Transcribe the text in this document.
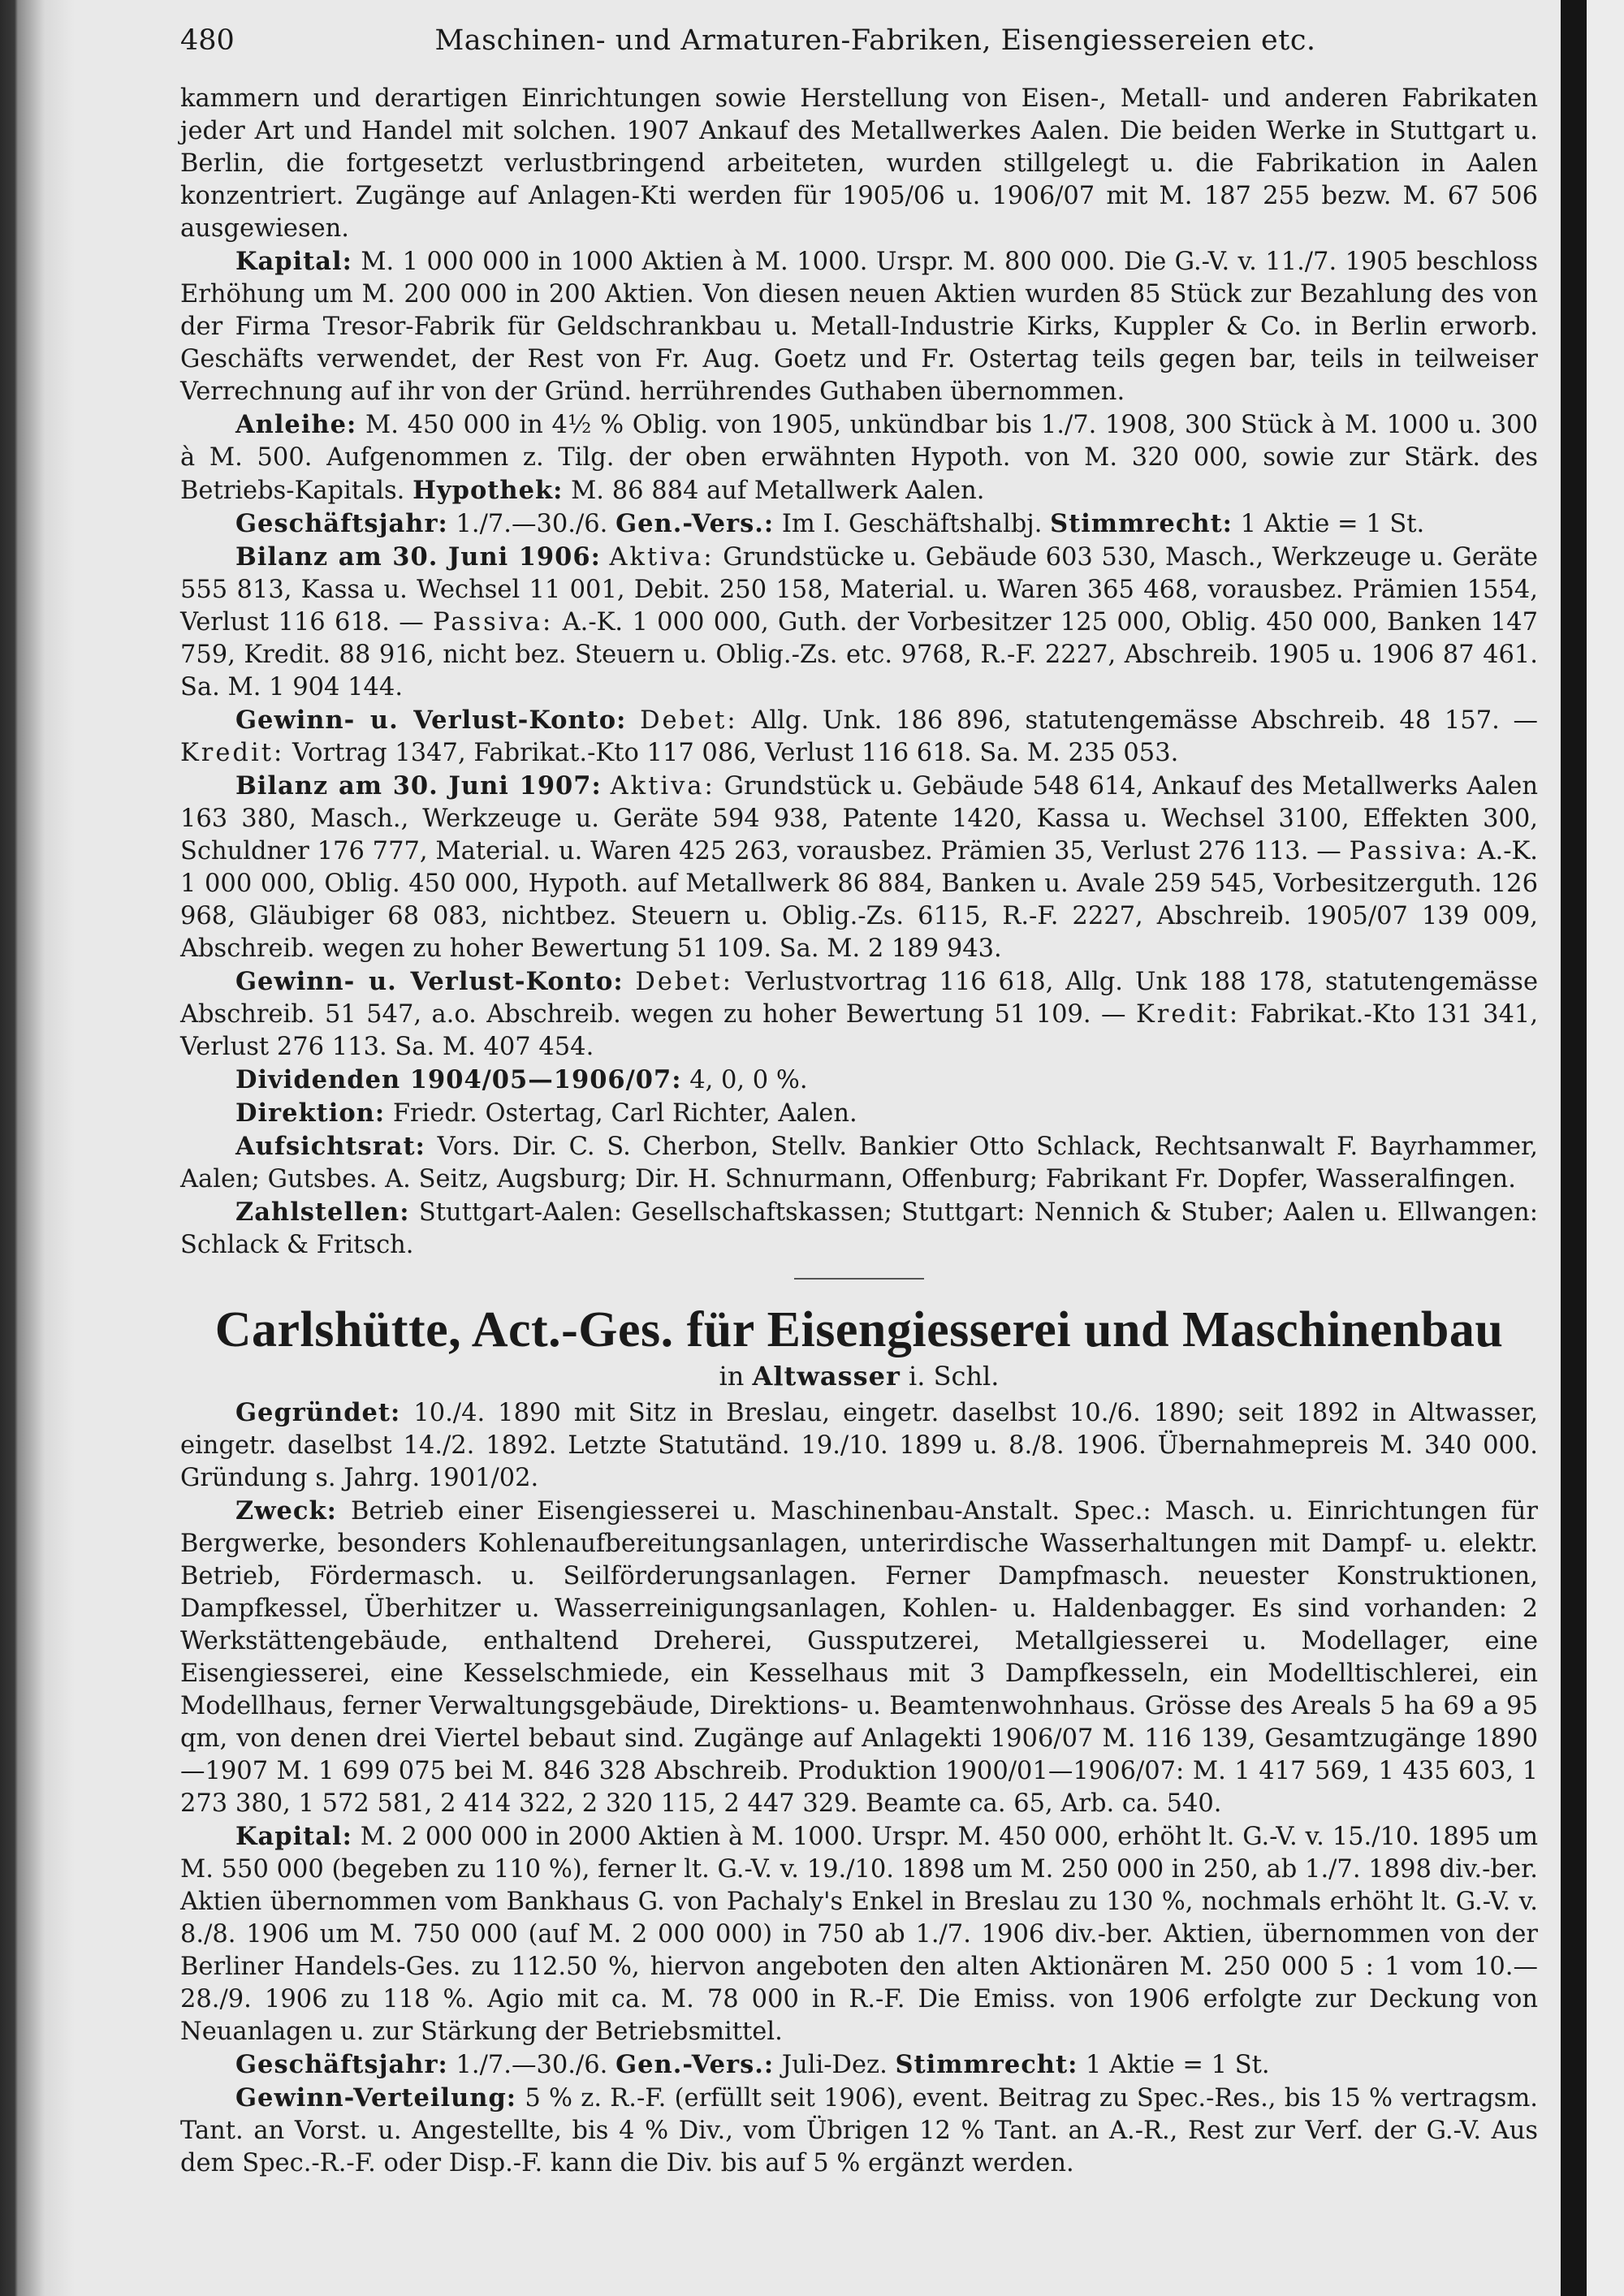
480	Maschinen- und Armaturen-Fabriken, Eisengiessereien etc.

kammern und derartigen Einrichtungen sowie Herstellung von Eisen-, Metall- und anderen Fabrikaten jeder Art und Handel mit solchen. 1907 Ankauf des Metallwerkes Aalen. Die beiden Werke in Stuttgart u. Berlin, die fortgesetzt verlustbringend arbeiteten, wurden stillgelegt u. die Fabrikation in Aalen konzentriert. Zugänge auf Anlagen-Kti werden für 1905/06 u. 1906/07 mit M. 187 255 bezw. M. 67 506 ausgewiesen.

Kapital: M. 1 000 000 in 1000 Aktien à M. 1000. Urspr. M. 800 000. Die G.-V. v. 11./7. 1905 beschloss Erhöhung um M. 200 000 in 200 Aktien. Von diesen neuen Aktien wurden 85 Stück zur Bezahlung des von der Firma Tresor-Fabrik für Geldschrankbau u. Metall-Industrie Kirks, Kuppler & Co. in Berlin erworb. Geschäfts verwendet, der Rest von Fr. Aug. Goetz und Fr. Ostertag teils gegen bar, teils in teilweiser Verrechnung auf ihr von der Gründ. herrührendes Guthaben übernommen.

Anleihe: M. 450 000 in 4½ % Oblig. von 1905, unkündbar bis 1./7. 1908, 300 Stück à M. 1000 u. 300 à M. 500. Aufgenommen z. Tilg. der oben erwähnten Hypoth. von M. 320 000, sowie zur Stärk. des Betriebs-Kapitals. Hypothek: M. 86 884 auf Metallwerk Aalen.

Geschäftsjahr: 1./7.—30./6. Gen.-Vers.: Im I. Geschäftshalbj. Stimmrecht: 1 Aktie = 1 St.

Bilanz am 30. Juni 1906: Aktiva: Grundstücke u. Gebäude 603 530, Masch., Werkzeuge u. Geräte 555 813, Kassa u. Wechsel 11 001, Debit. 250 158, Material. u. Waren 365 468, vorausbez. Prämien 1554, Verlust 116 618. — Passiva: A.-K. 1 000 000, Guth. der Vorbesitzer 125 000, Oblig. 450 000, Banken 147 759, Kredit. 88 916, nicht bez. Steuern u. Oblig.-Zs. etc. 9768, R.-F. 2227, Abschreib. 1905 u. 1906 87 461. Sa. M. 1 904 144.

Gewinn- u. Verlust-Konto: Debet: Allg. Unk. 186 896, statutengemässe Abschreib. 48 157. — Kredit: Vortrag 1347, Fabrikat.-Kto 117 086, Verlust 116 618. Sa. M. 235 053.

Bilanz am 30. Juni 1907: Aktiva: Grundstück u. Gebäude 548 614, Ankauf des Metallwerks Aalen 163 380, Masch., Werkzeuge u. Geräte 594 938, Patente 1420, Kassa u. Wechsel 3100, Effekten 300, Schuldner 176 777, Material. u. Waren 425 263, vorausbez. Prämien 35, Verlust 276 113. — Passiva: A.-K. 1 000 000, Oblig. 450 000, Hypoth. auf Metallwerk 86 884, Banken u. Avale 259 545, Vorbesitzerguth. 126 968, Gläubiger 68 083, nichtbez. Steuern u. Oblig.-Zs. 6115, R.-F. 2227, Abschreib. 1905/07 139 009, Abschreib. wegen zu hoher Bewertung 51 109. Sa. M. 2 189 943.

Gewinn- u. Verlust-Konto: Debet: Verlustvortrag 116 618, Allg. Unk 188 178, statutengemässe Abschreib. 51 547, a.o. Abschreib. wegen zu hoher Bewertung 51 109. — Kredit: Fabrikat.-Kto 131 341, Verlust 276 113. Sa. M. 407 454.

Dividenden 1904/05—1906/07: 4, 0, 0 %.

Direktion: Friedr. Ostertag, Carl Richter, Aalen.

Aufsichtsrat: Vors. Dir. C. S. Cherbon, Stellv. Bankier Otto Schlack, Rechtsanwalt F. Bayrhammer, Aalen; Gutsbes. A. Seitz, Augsburg; Dir. H. Schnurmann, Offenburg; Fabrikant Fr. Dopfer, Wasseralfingen.

Zahlstellen: Stuttgart-Aalen: Gesellschaftskassen; Stuttgart: Nennich & Stuber; Aalen u. Ellwangen: Schlack & Fritsch.

Carlshütte, Act.-Ges. für Eisengiesserei und Maschinenbau
in Altwasser i. Schl.

Gegründet: 10./4. 1890 mit Sitz in Breslau, eingetr. daselbst 10./6. 1890; seit 1892 in Altwasser, eingetr. daselbst 14./2. 1892. Letzte Statutänd. 19./10. 1899 u. 8./8. 1906. Übernahmepreis M. 340 000. Gründung s. Jahrg. 1901/02.

Zweck: Betrieb einer Eisengiesserei u. Maschinenbau-Anstalt. Spec.: Masch. u. Einrichtungen für Bergwerke, besonders Kohlenaufbereitungsanlagen, unterirdische Wasserhaltungen mit Dampf- u. elektr. Betrieb, Fördermasch. u. Seilförderungsanlagen. Ferner Dampfmasch. neuester Konstruktionen, Dampfkessel, Überhitzer u. Wasserreinigungsanlagen, Kohlen- u. Haldenbagger. Es sind vorhanden: 2 Werkstättengebäude, enthaltend Dreherei, Gussputzerei, Metallgiesserei u. Modellager, eine Eisengiesserei, eine Kesselschmiede, ein Kesselhaus mit 3 Dampfkesseln, ein Modelltischlerei, ein Modellhaus, ferner Verwaltungsgebäude, Direktions- u. Beamtenwohnhaus. Grösse des Areals 5 ha 69 a 95 qm, von denen drei Viertel bebaut sind. Zugänge auf Anlagekti 1906/07 M. 116 139, Gesamtzugänge 1890—1907 M. 1 699 075 bei M. 846 328 Abschreib. Produktion 1900/01—1906/07: M. 1 417 569, 1 435 603, 1 273 380, 1 572 581, 2 414 322, 2 320 115, 2 447 329. Beamte ca. 65, Arb. ca. 540.

Kapital: M. 2 000 000 in 2000 Aktien à M. 1000. Urspr. M. 450 000, erhöht lt. G.-V. v. 15./10. 1895 um M. 550 000 (begeben zu 110 %), ferner lt. G.-V. v. 19./10. 1898 um M. 250 000 in 250, ab 1./7. 1898 div.-ber. Aktien übernommen vom Bankhaus G. von Pachaly's Enkel in Breslau zu 130 %, nochmals erhöht lt. G.-V. v. 8./8. 1906 um M. 750 000 (auf M. 2 000 000) in 750 ab 1./7. 1906 div.-ber. Aktien, übernommen von der Berliner Handels-Ges. zu 112.50 %, hiervon angeboten den alten Aktionären M. 250 000 5 : 1 vom 10.—28./9. 1906 zu 118 %. Agio mit ca. M. 78 000 in R.-F. Die Emiss. von 1906 erfolgte zur Deckung von Neuanlagen u. zur Stärkung der Betriebsmittel.

Geschäftsjahr: 1./7.—30./6. Gen.-Vers.: Juli-Dez. Stimmrecht: 1 Aktie = 1 St.

Gewinn-Verteilung: 5 % z. R.-F. (erfüllt seit 1906), event. Beitrag zu Spec.-Res., bis 15 % vertragsm. Tant. an Vorst. u. Angestellte, bis 4 % Div., vom Übrigen 12 % Tant. an A.-R., Rest zur Verf. der G.-V. Aus dem Spec.-R.-F. oder Disp.-F. kann die Div. bis auf 5 % ergänzt werden.
